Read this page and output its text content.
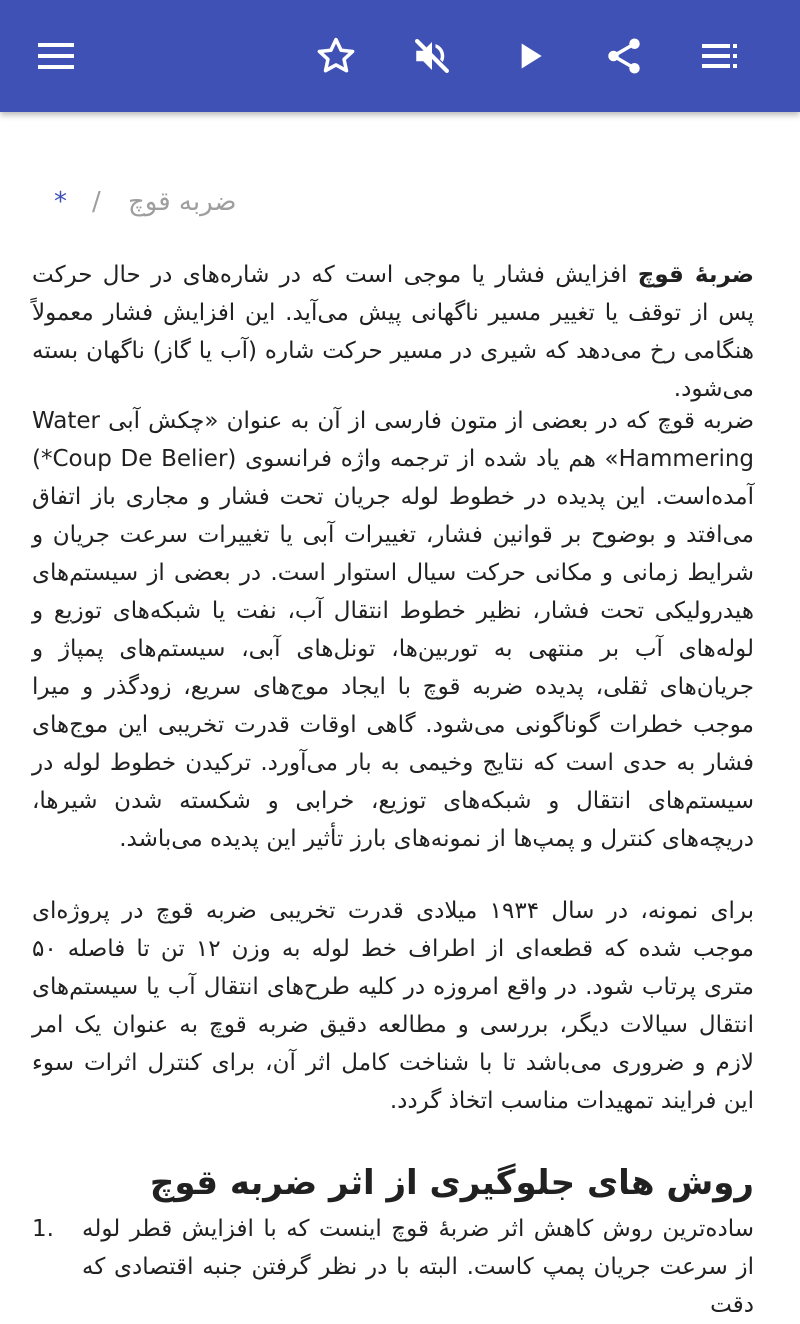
* / ضربه قوچ

ضربهٔ قوچ افزایش فشار یا موجی است که در شاره‌های در حال حرکت پس از توقف یا تغییر مسیر ناگهانی پیش می‌آید. این افزایش فشار معمولاً هنگامی رخ می‌دهد که شیری در مسیر حرکت شاره (آب یا گاز) ناگهان بسته می‌شود.

ضربه قوچ که در بعضی از متون فارسی از آن به عنوان «چکش آبی Water Hammering» هم یاد شده از ترجمه واژه فرانسوی (Coup De Belier*) آمده‌است. این پدیده در خطوط لوله جریان تحت فشار و مجاری باز اتفاق می‌افتد و بوضوح بر قوانین فشار، تغییرات آبی یا تغییرات سرعت جریان و شرایط زمانی و مکانی حرکت سیال استوار است. در بعضی از سیستم‌های هیدرولیکی تحت فشار، نظیر خطوط انتقال آب، نفت یا شبکه‌های توزیع و لوله‌های آب بر منتهی به توربین‌ها، تونل‌های آبی، سیستم‌های پمپاژ و جریان‌های ثقلی، پدیده ضربه قوچ با ایجاد موج‌های سریع، زودگذر و میرا موجب خطرات گوناگونی می‌شود. گاهی اوقات قدرت تخریبی این موج‌های فشار به حدی است که نتایج وخیمی به بار می‌آورد. ترکیدن خطوط لوله در سیستم‌های انتقال و شبکه‌های توزیع، خرابی و شکسته شدن شیرها، دریچه‌های کنترل و پمپ‌ها از نمونه‌های بارز تأثیر این پدیده می‌باشد.

برای نمونه، در سال ۱۹۳۴ میلادی قدرت تخریبی ضربه قوچ در پروژه‌ای موجب شده که قطعه‌ای از اطراف خط لوله به وزن ۱۲ تن تا فاصله ۵۰ متری پرتاب شود. در واقع امروزه در کلیه طرح‌های انتقال آب یا سیستم‌های انتقال سیالات دیگر، بررسی و مطالعه دقیق ضربه قوچ به عنوان یک امر لازم و ضروری می‌باشد تا با شناخت کامل اثر آن، برای کنترل اثرات سوء این فرایند تمهیدات مناسب اتخاذ گردد.

روش های جلوگیری از اثر ضربه قوچ
1. ساده‌ترین روش کاهش اثر ضربهٔ قوچ اینست که با افزایش قطر لوله از سرعت جریان پمپ کاست. البته با در نظر گرفتن جنبه اقتصادی که دقت
